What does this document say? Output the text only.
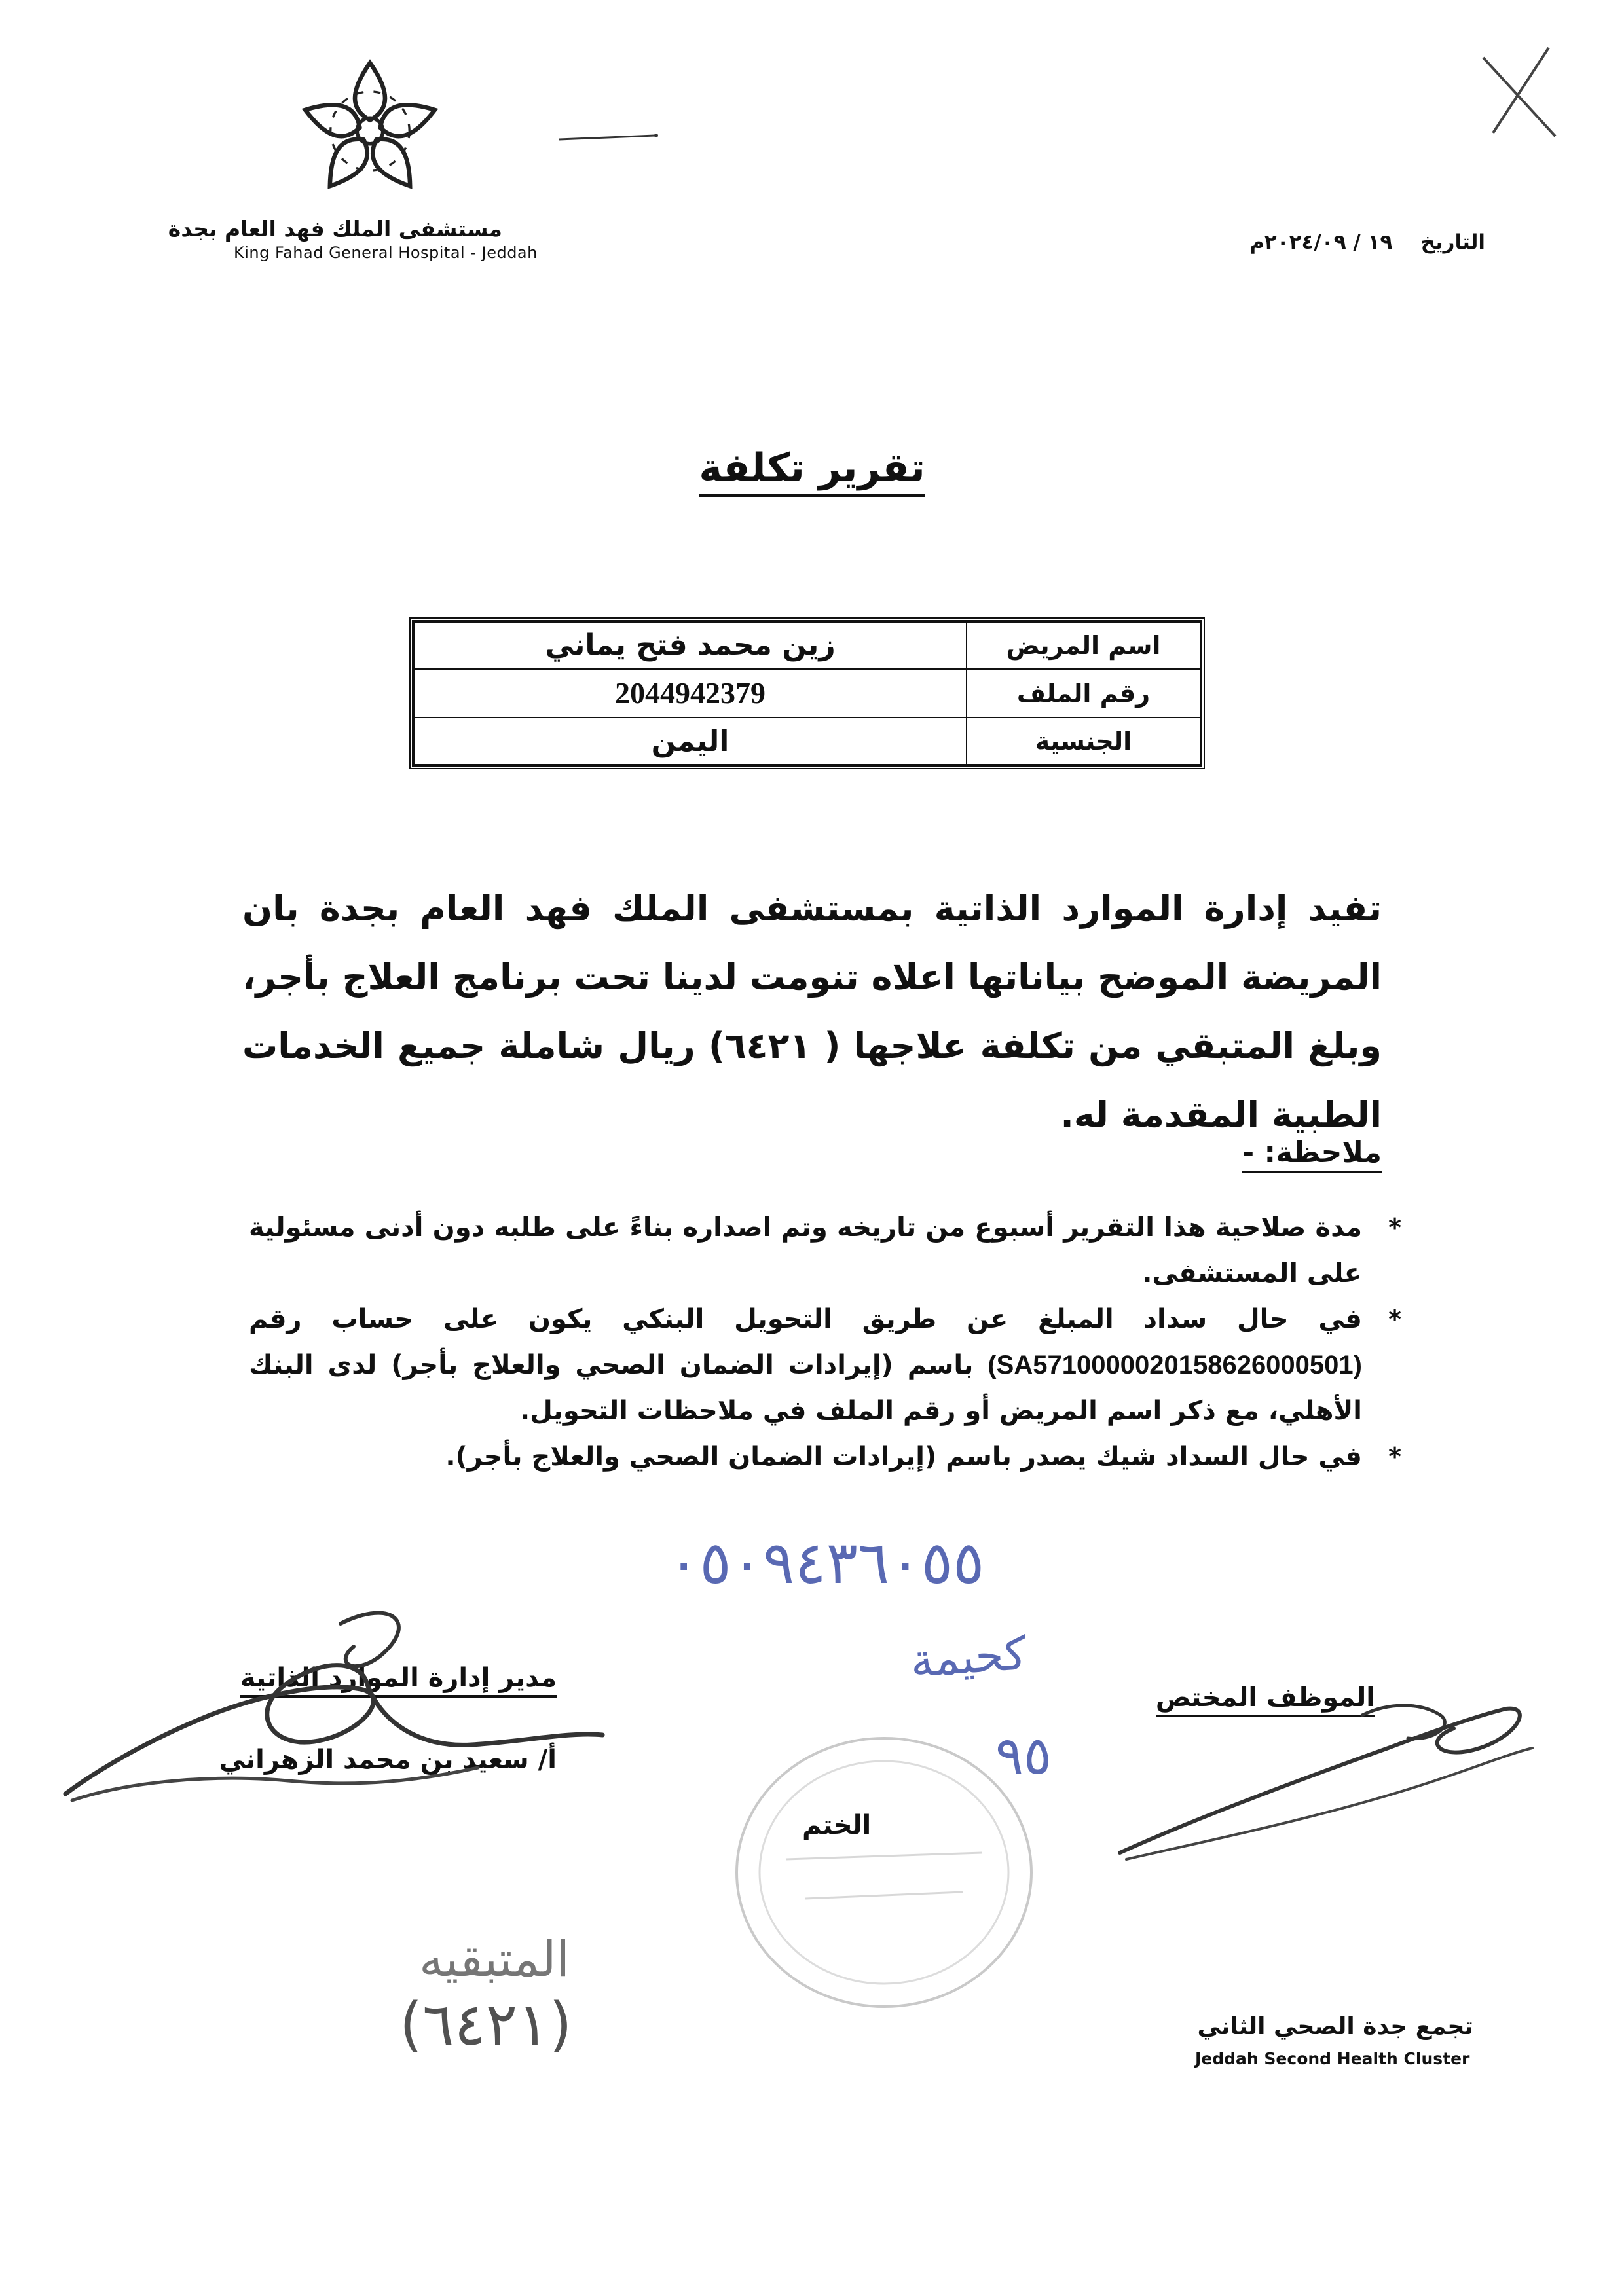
مستشفى الملك فهد العام بجدة
King Fahad General Hospital - Jeddah	التاريخ    ١٩ / ٢٠٢٤/٠٩م
تقرير تكلفة
اسم المريض	زين محمد فتح يماني
رقم الملف	2044942379
الجنسية	اليمن
تفيد إدارة الموارد الذاتية بمستشفى الملك فهد العام بجدة بان المريضة الموضح بياناتها اعلاه تنومت لدينا تحت برنامج العلاج بأجر، وبلغ المتبقي من تكلفة علاجها ( ٦٤٢١) ريال شاملة جميع الخدمات الطبية المقدمة له.
ملاحظة: -
*
مدة صلاحية هذا التقرير أسبوع من تاريخه وتم اصداره بناءً على طلبه دون أدنى مسئولية على المستشفى.
*
في حال سداد المبلغ عن طريق التحويل البنكي يكون على حساب رقم (SA5710000020158626000501) باسم (إيرادات الضمان الصحي والعلاج بأجر) لدى البنك الأهلي، مع ذكر اسم المريض أو رقم الملف في ملاحظات التحويل.
*
في حال السداد شيك يصدر باسم (إيرادات الضمان الصحي والعلاج بأجر).
٠٥٠٩٤٣٦٠٥٥
كحيمة
٩٥
المتبقيه
(٦٤٢١)
مدير إدارة الموارد الذاتية
أ/ سعيد بن محمد الزهراني
الختم
الموظف المختص
تجمع جدة الصحي الثاني
Jeddah Second Health Cluster
